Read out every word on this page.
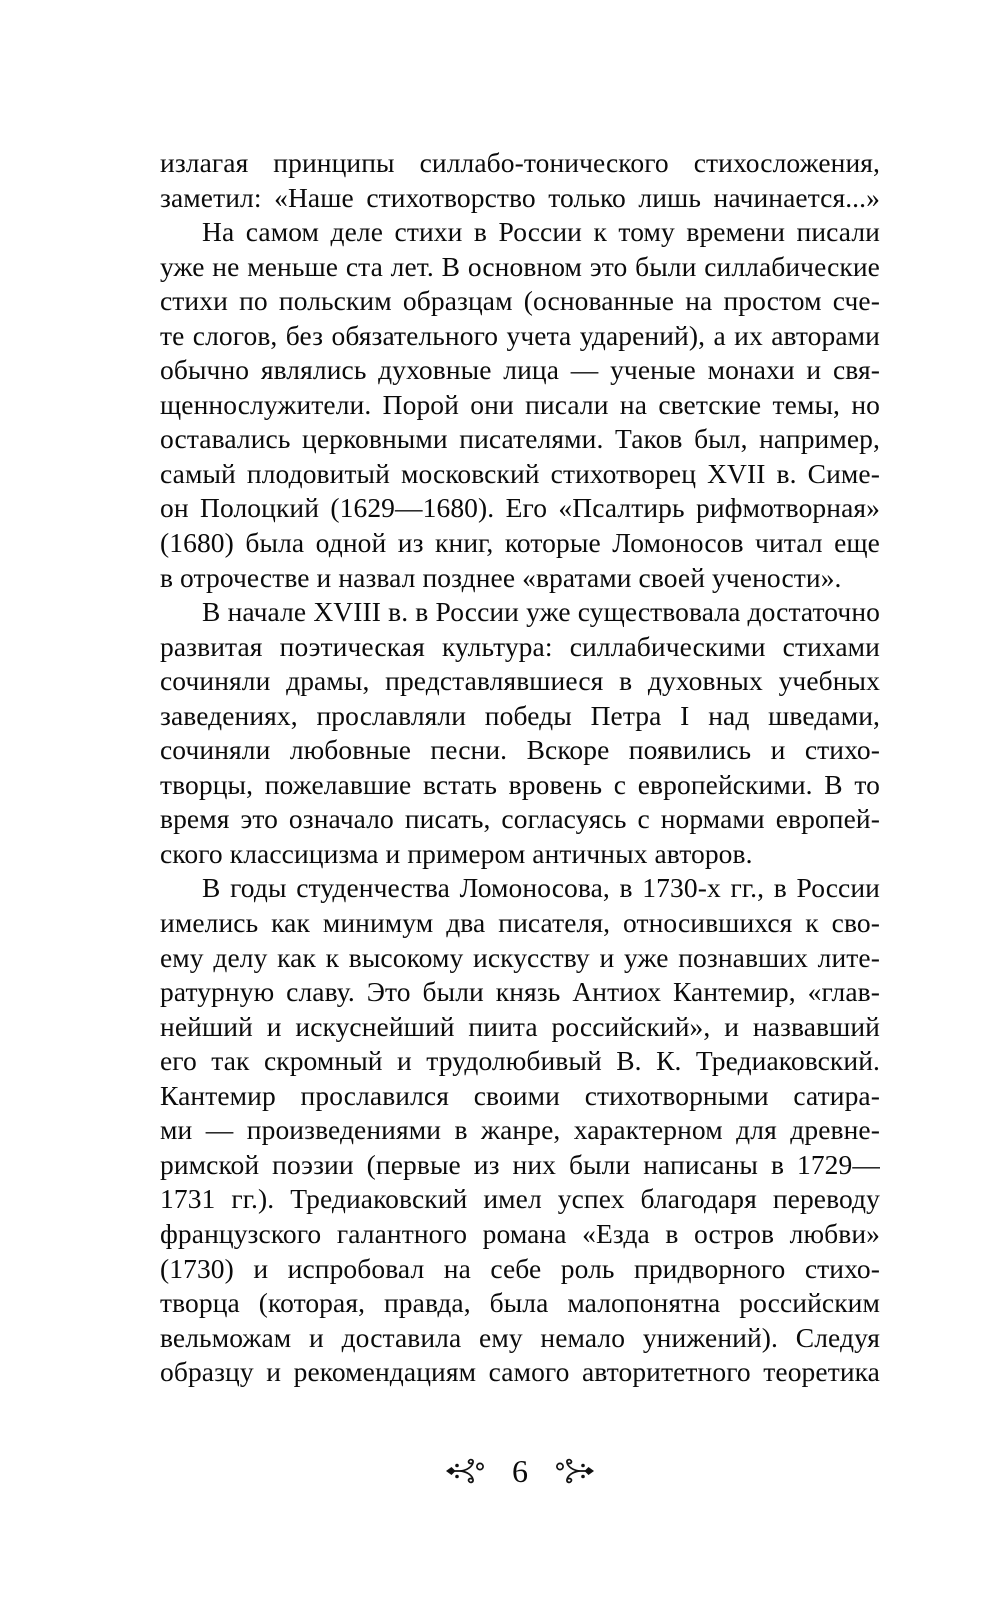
излагая принципы силлабо-тонического стихосложения,
заметил: «Наше стихотворство только лишь начинается...»
На самом деле стихи в России к тому времени писали
уже не меньше ста лет. В основном это были силлабические
стихи по польским образцам (основанные на простом сче-
те слогов, без обязательного учета ударений), а их авторами
обычно являлись духовные лица — ученые монахи и свя-
щеннослужители. Порой они писали на светские темы, но
оставались церковными писателями. Таков был, например,
самый плодовитый московский стихотворец XVII в. Симе-
он Полоцкий (1629—1680). Его «Псалтирь рифмотворная»
(1680) была одной из книг, которые Ломоносов читал еще
в отрочестве и назвал позднее «вратами своей учености».
В начале XVIII в. в России уже существовала достаточно
развитая поэтическая культура: силлабическими стихами
сочиняли драмы, представлявшиеся в духовных учебных
заведениях, прославляли победы Петра I над шведами,
сочиняли любовные песни. Вскоре появились и стихо-
творцы, пожелавшие встать вровень с европейскими. В то
время это означало писать, согласуясь с нормами европей-
ского классицизма и примером античных авторов.
В годы студенчества Ломоносова, в 1730-х гг., в России
имелись как минимум два писателя, относившихся к сво-
ему делу как к высокому искусству и уже познавших лите-
ратурную славу. Это были князь Антиох Кантемир, «глав-
нейший и искуснейший пиита российский», и назвавший
его так скромный и трудолюбивый В. К. Тредиаковский.
Кантемир прославился своими стихотворными сатира-
ми — произведениями в жанре, характерном для древне-
римской поэзии (первые из них были написаны в 1729—
1731 гг.). Тредиаковский имел успех благодаря переводу
французского галантного романа «Езда в остров любви»
(1730) и испробовал на себе роль придворного стихо-
творца (которая, правда, была малопонятна российским
вельможам и доставила ему немало унижений). Следуя
образцу и рекомендациям самого авторитетного теоретика
6
